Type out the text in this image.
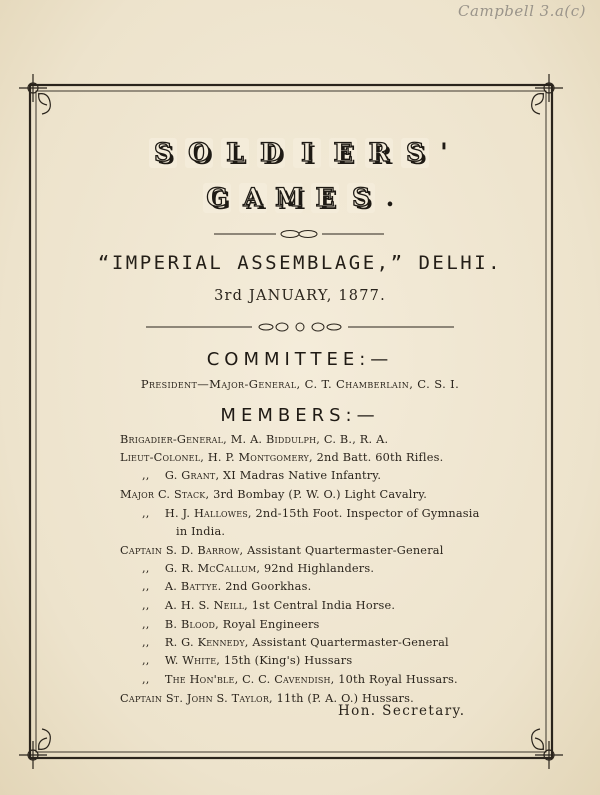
Campbell 3.a(c)
S O L D I E R S '
G A M E S .
“IMPERIAL ASSEMBLAGE,” DELHI.
3rd JANUARY, 1877.
COMMITTEE:—
President—Major-General, C. T. Chamberlain, C. S. I.
MEMBERS:—
Brigadier-General, M. A. Biddulph, C. B., R. A.
Lieut-Colonel, H. P. Montgomery, 2nd Batt. 60th Rifles.
,,  G. Grant, XI Madras Native Infantry.
Major C. Stack, 3rd Bombay (P. W. O.) Light Cavalry.
,,  H. J. Hallowes, 2nd-15th Foot. Inspector of Gymnasia
in India.
Captain S. D. Barrow, Assistant Quartermaster-General
,,  G. R. McCallum, 92nd Highlanders.
,,  A. Battye. 2nd Goorkhas.
,,  A. H. S. Neill, 1st Central India Horse.
,,  B. Blood, Royal Engineers
,,  R. G. Kennedy, Assistant Quartermaster-General
,,  W. White, 15th (King's) Hussars
,,  The Hon'ble, C. C. Cavendish, 10th Royal Hussars.
Captain St. John S. Taylor, 11th (P. A. O.) Hussars.
Hon. Secretary.
